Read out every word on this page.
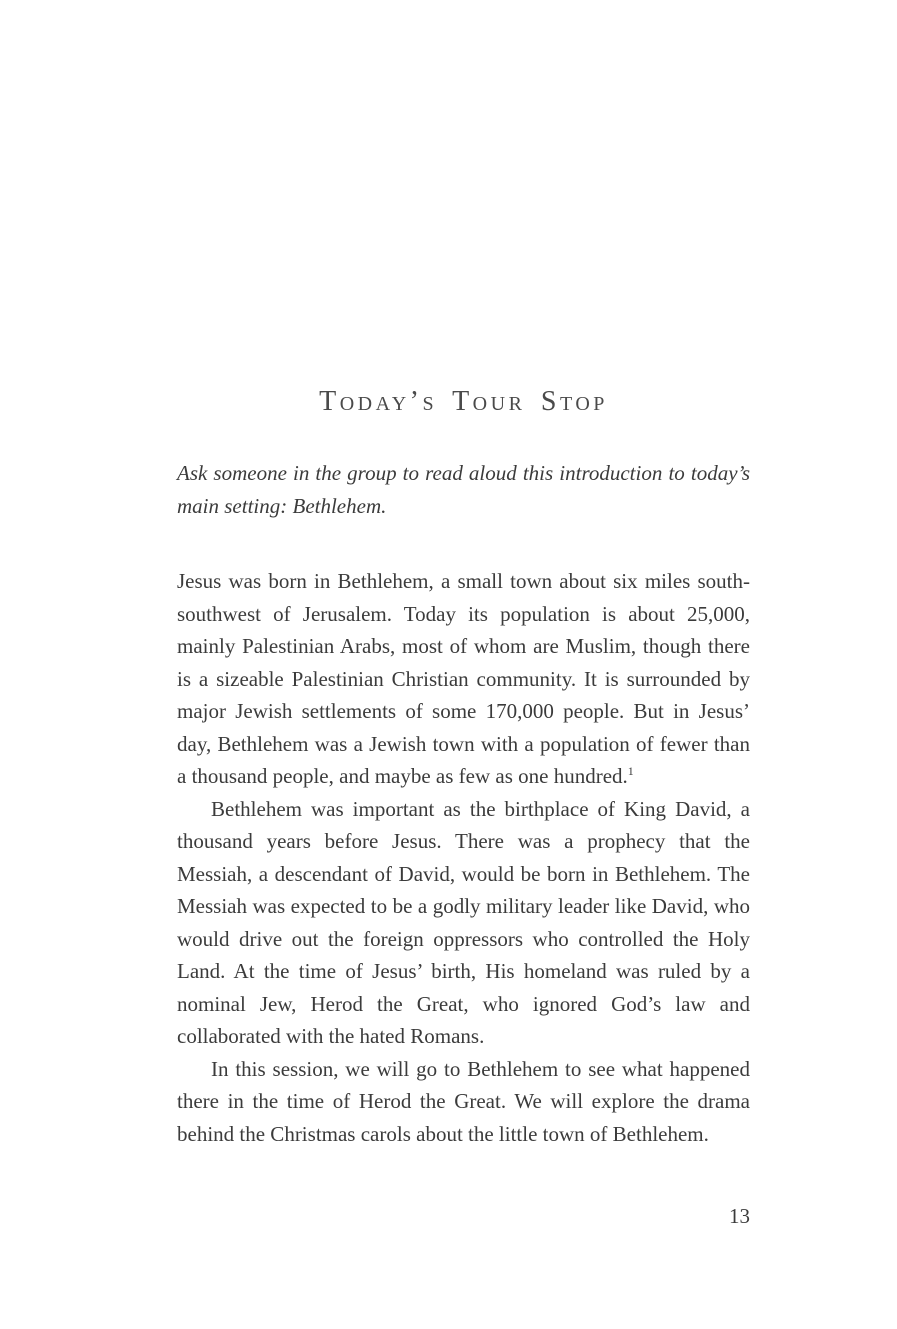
Today’s Tour Stop

Ask someone in the group to read aloud this introduction to today’s main setting: Bethlehem.

Jesus was born in Bethlehem, a small town about six miles south-southwest of Jerusalem. Today its population is about 25,000, mainly Palestinian Arabs, most of whom are Muslim, though there is a sizeable Palestinian Christian community. It is surrounded by major Jewish settlements of some 170,000 people. But in Jesus’ day, Bethlehem was a Jewish town with a population of fewer than a thousand people, and maybe as few as one hundred.$^1$

Bethlehem was important as the birthplace of King David, a thousand years before Jesus. There was a prophecy that the Messiah, a descendant of David, would be born in Bethlehem. The Messiah was expected to be a godly military leader like David, who would drive out the foreign oppressors who controlled the Holy Land. At the time of Jesus’ birth, His homeland was ruled by a nominal Jew, Herod the Great, who ignored God’s law and collaborated with the hated Romans.

In this session, we will go to Bethlehem to see what happened there in the time of Herod the Great. We will explore the drama behind the Christmas carols about the little town of Bethlehem.

13
